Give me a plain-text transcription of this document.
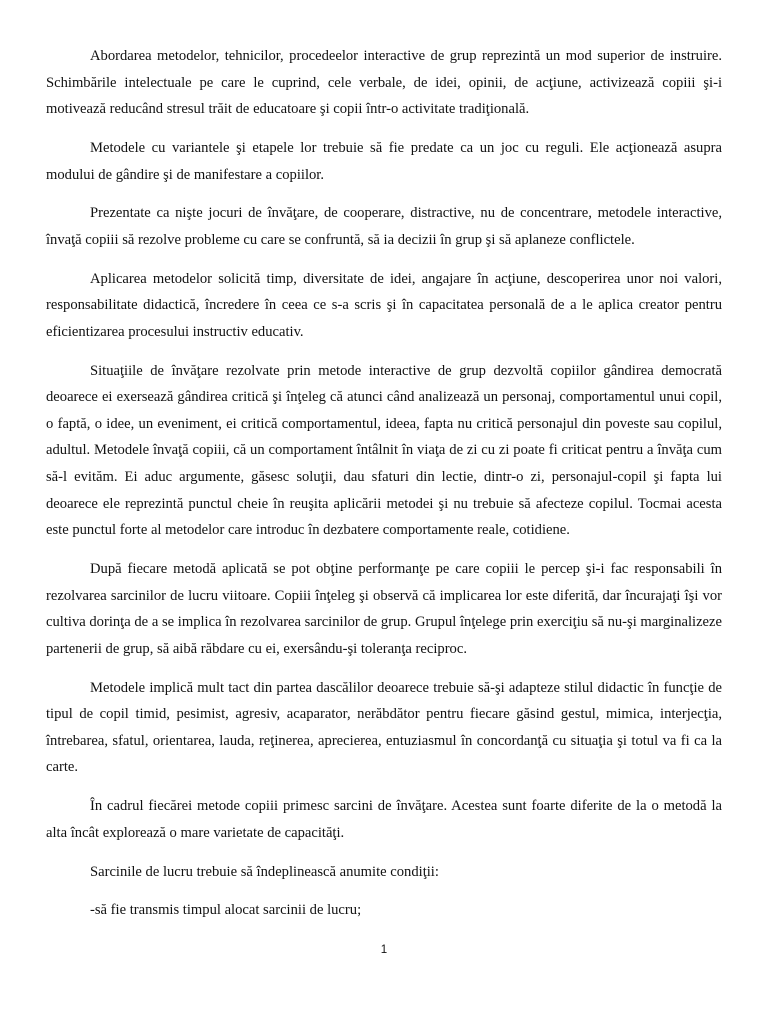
Abordarea metodelor, tehnicilor, procedeelor interactive de grup reprezintă un mod superior de instruire. Schimbările intelectuale pe care le cuprind, cele verbale, de idei, opinii, de acţiune, activizează copiii şi-i motivează reducând stresul trăit de educatoare şi copii într-o activitate tradiţională.

Metodele cu variantele şi etapele lor trebuie să fie predate ca un joc cu reguli. Ele acţionează asupra modului de gândire şi de manifestare a copiilor.

Prezentate ca nişte jocuri de învăţare, de cooperare, distractive, nu de concentrare, metodele interactive, învaţă copiii să rezolve probleme cu care se confruntă, să ia decizii în grup şi să aplaneze conflictele.

Aplicarea metodelor solicită timp, diversitate de idei, angajare în acţiune, descoperirea unor noi valori, responsabilitate didactică, încredere în ceea ce s-a scris şi în capacitatea personală de a le aplica creator pentru eficientizarea procesului instructiv educativ.

Situaţiile de învăţare rezolvate prin metode interactive de grup dezvoltă copiilor gândirea democrată deoarece ei exersează gândirea critică şi înţeleg că atunci când analizează un personaj, comportamentul unui copil, o faptă, o idee, un eveniment, ei critică comportamentul, ideea, fapta nu critică personajul din poveste sau copilul, adultul. Metodele învaţă copiii, că un comportament întâlnit în viaţa de zi cu zi poate fi criticat pentru a învăţa cum să-l evităm. Ei aduc argumente, găsesc soluţii, dau sfaturi din lectie, dintr-o zi, personajul-copil şi fapta lui deoarece ele reprezintă punctul cheie în reuşita aplicării metodei şi nu trebuie să afecteze copilul. Tocmai acesta este punctul forte al metodelor care introduc în dezbatere comportamente reale, cotidiene.

După fiecare metodă aplicată se pot obţine performanţe pe care copiii le percep şi-i fac responsabili în rezolvarea sarcinilor de lucru viitoare. Copiii înţeleg şi observă că implicarea lor este diferită, dar încurajaţi îşi vor cultiva dorinţa de a se implica în rezolvarea sarcinilor de grup. Grupul înţelege prin exerciţiu să nu-şi marginalizeze partenerii de grup, să aibă răbdare cu ei, exersându-şi toleranţa reciproc.

Metodele implică mult tact din partea dascălilor deoarece trebuie să-şi adapteze stilul didactic în funcţie de tipul de copil timid, pesimist, agresiv, acaparator, nerăbdător pentru fiecare găsind gestul, mimica, interjecţia, întrebarea, sfatul, orientarea, lauda, reţinerea, aprecierea, entuziasmul în concordanţă cu situaţia şi totul va fi ca la carte.

În cadrul fiecărei metode copiii primesc sarcini de învăţare. Acestea sunt foarte diferite de la o metodă la alta încât explorează o mare varietate de capacităţi.

Sarcinile de lucru trebuie să îndeplinească anumite condiţii:

-să fie transmis timpul alocat sarcinii de lucru;

1
